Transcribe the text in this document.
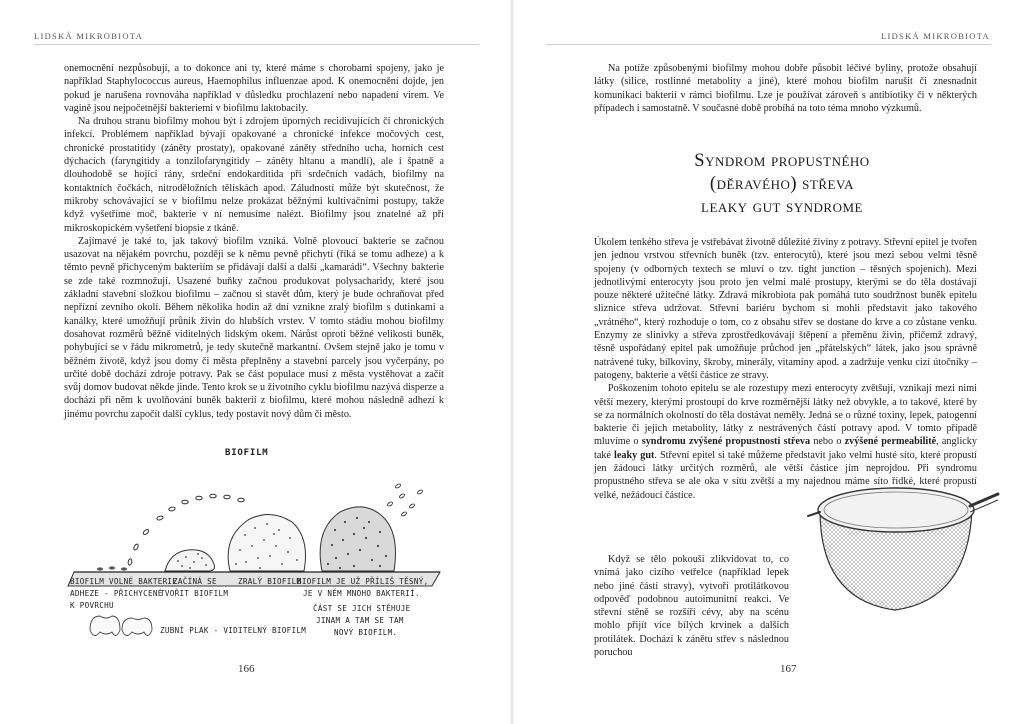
LIDSKÁ MIKROBIOTA

onemocnění nezpůsobují, a to dokonce ani ty, které máme s chorobami spojeny, jako je například Staphylococcus aureus, Haemophilus influenzae apod. K onemocnění dojde, jen pokud je narušena rovnováha například v důsledku prochlazení nebo napadení virem. Ve vagině jsou nejpočetnější bakteriemi v biofilmu laktobacily.

Na druhou stranu biofilmy mohou být i zdrojem úporných recidivujících či chronických infekcí. Problémem například bývají opakované a chronické infekce močových cest, chronické prostatitidy (záněty prostaty), opakované záněty středního ucha, horních cest dýchacích (faryngitidy a tonzilofaryngitidy – záněty hltanu a mandlí), ale i špatně a dlouhodobě se hojící rány, srdeční endokarditida při srdečních vadách, biofilmy na kontaktních čočkách, nitroděložních tělískách apod. Záludností může být skutečnost, že mikroby schovávající se v biofilmu nelze prokázat běžnými kultivačními postupy, takže když vyšetříme moč, bakterie v ní nemusíme nalézt. Biofilmy jsou znatelné až při mikroskopickém vyšetření biopsie z tkáně.

Zajímavé je také to, jak takový biofilm vzniká. Volně plovoucí bakterie se začnou usazovat na nějakém povrchu, později se k němu pevně přichytí (říká se tomu adheze) a k těmto pevně přichyceným bakteriím se přidávají další a další „kamarádi“. Všechny bakterie se zde také rozmnožují. Usazené buňky začnou produkovat polysacharidy, které jsou základní stavební složkou biofilmu – začnou si stavět dům, který je bude ochraňovat před nepřízní zevního okolí. Během několika hodin až dní vznikne zralý biofilm s dutinkami a kanálky, které umožňují průnik živin do hlubších vrstev. V tomto stádiu mohou biofilmy dosahovat rozměrů běžně viditelných lidským okem. Nárůst oproti běžné velikosti buněk, pohybující se v řádu mikrometrů, je tedy skutečně markantní. Ovšem stejně jako je tomu v běžném životě, když jsou domy či města přeplněny a stavební parcely jsou vyčerpány, po určité době dochází zdroje potravy. Pak se část populace musí z města vystěhovat a začít svůj domov budovat někde jinde. Tento krok se u životního cyklu biofilmu nazývá disperze a dochází při něm k uvolňování buněk bakterií z biofilmu, které mohou následně adhezí k jinému povrchu započít další cyklus, tedy postavit nový dům či město.

BIOFILM
BIOFILM VOLNÉ BAKTERIE
ADHEZE - PŘICHYCENÉ
K POVRCHU
ZAČÍNÁ SE
TVOŘIT BIOFILM
ZRALÝ BIOFILM
BIOFILM JE UŽ PŘÍLIŠ TĚSNÝ,
JE V NĚM MNOHO BAKTERIÍ.
ČÁST SE JICH STĚHUJE
JINAM A TAM SE TAM
NOVÝ BIOFILM.
ZUBNÍ PLAK - VIDITELNÝ BIOFILM
166
LIDSKÁ MIKROBIOTA

Na potíže způsobenými biofilmy mohou dobře působit léčivé byliny, protože obsahují látky (silice, rostlinné metabolity a jiné), které mohou biofilm narušit či znesnadnit komunikaci bakterií v rámci biofilmu. Lze je používat zároveň s antibiotiky či v některých případech i samostatně. V současné době probíhá na toto téma mnoho výzkumů.

Syndrom propustného
(děravého) střeva
leaky gut syndrome

Úkolem tenkého střeva je vstřebávat životně důležité živiny z potravy. Střevní epitel je tvořen jen jednou vrstvou střevních buněk (tzv. enterocytů), které jsou mezi sebou velmi těsně spojeny (v odborných textech se mluví o tzv. tight junction – těsných spojeních). Mezi jednotlivými enterocyty jsou proto jen velmi malé prostupy, kterými se do těla dostávají pouze některé užitečné látky. Zdravá mikrobiota pak pomáhá tuto soudržnost buněk epitelu sliznice střeva udržovat. Střevní bariéru bychom si mohli představit jako takového „vrátného“, který rozhoduje o tom, co z obsahu střev se dostane do krve a co zůstane venku. Enzymy ze slinivky a střeva zprostředkovávají štěpení a přeměnu živin, přičemž zdravý, těsně uspořádaný epitel pak umožňuje průchod jen „přátelských“ látek, jako jsou správně natrávené tuky, bílkoviny, škroby, minerály, vitamíny apod. a zadržuje venku cizí útočníky – patogeny, bakterie a větší částice ze stravy.

Poškozením tohoto epitelu se ale rozestupy mezi enterocyty zvětšují, vznikají mezi nimi větší mezery, kterými prostoupí do krve rozměrnější látky než obvykle, a to takové, které by se za normálních okolností do těla dostávat neměly. Jedná se o různé toxiny, lepek, patogenní bakterie či jejich metabolity, látky z nestrávených částí potravy apod. V tomto případě mluvíme o syndromu zvýšené propustnosti střeva nebo o zvýšené permeabilitě, anglicky také leaky gut. Střevní epitel si také můžeme představit jako velmi husté síto, které propustí jen žádoucí látky určitých rozměrů, ale větší částice jím neprojdou. Při syndromu propustného střeva se ale oka v sítu zvětší a my najednou máme síto řídké, které propustí velké, nežádoucí částice.

Když se tělo pokouší zlikvidovat to, co vnímá jako cizího vetřelce (například lepek nebo jiné části stravy), vytvoří protilátkovou odpověď podobnou autoimunitní reakci. Ve střevní stěně se rozšíří cévy, aby na scénu mohlo přijít více bílých krvinek a dalších protilátek. Dochází k zánětu střev s následnou poruchou

167
